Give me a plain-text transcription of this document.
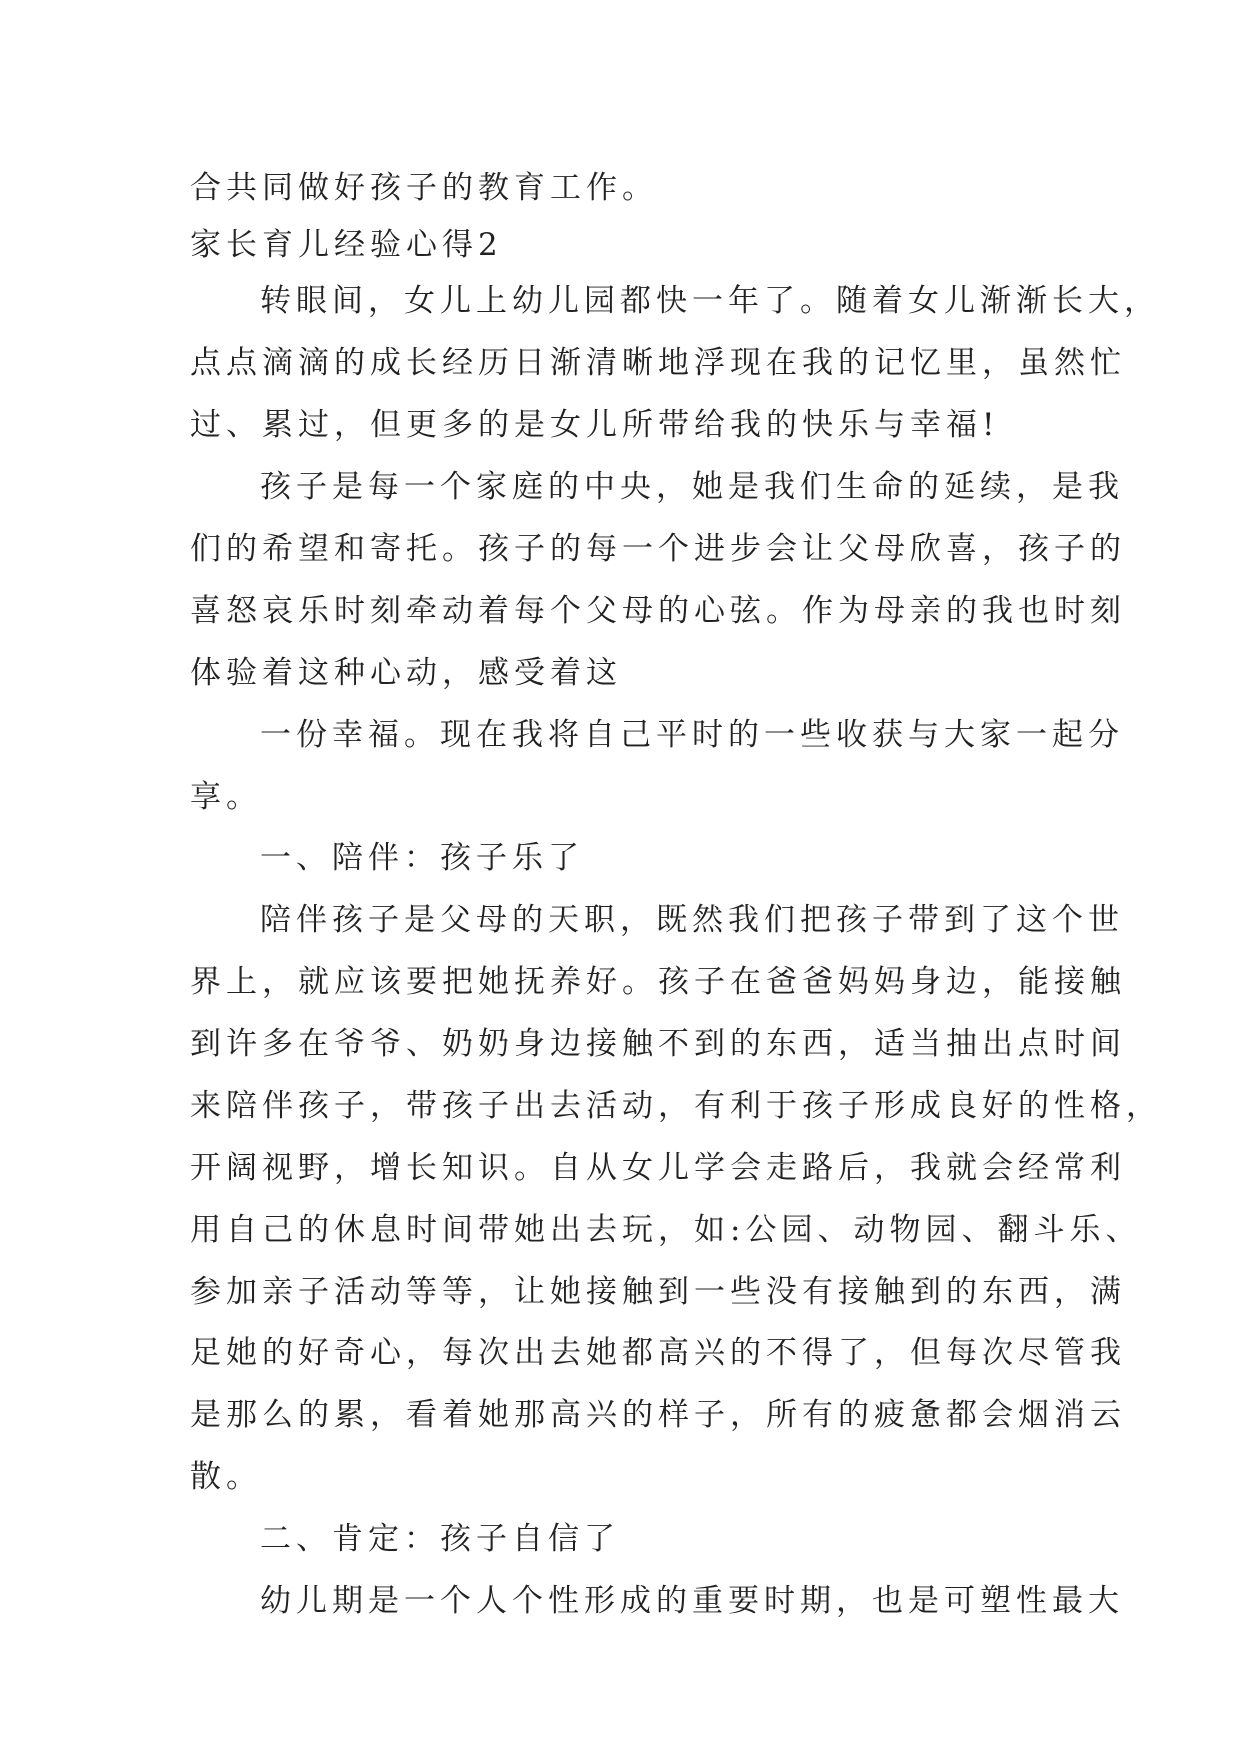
合共同做好孩子的教育工作。
家长育儿经验心得2
转眼间，女儿上幼儿园都快一年了。随着女儿渐渐长大，
点点滴滴的成长经历日渐清晰地浮现在我的记忆里，虽然忙
过、累过，但更多的是女儿所带给我的快乐与幸福!
孩子是每一个家庭的中央，她是我们生命的延续，是我
们的希望和寄托。孩子的每一个进步会让父母欣喜，孩子的
喜怒哀乐时刻牵动着每个父母的心弦。作为母亲的我也时刻
体验着这种心动，感受着这
一份幸福。现在我将自己平时的一些收获与大家一起分
享。
一、陪伴：孩子乐了
陪伴孩子是父母的天职，既然我们把孩子带到了这个世
界上，就应该要把她抚养好。孩子在爸爸妈妈身边，能接触
到许多在爷爷、奶奶身边接触不到的东西，适当抽出点时间
来陪伴孩子，带孩子出去活动，有利于孩子形成良好的性格，
开阔视野，增长知识。自从女儿学会走路后，我就会经常利
用自己的休息时间带她出去玩，如:公园、动物园、翻斗乐、
参加亲子活动等等，让她接触到一些没有接触到的东西，满
足她的好奇心，每次出去她都高兴的不得了，但每次尽管我
是那么的累，看着她那高兴的样子，所有的疲惫都会烟消云
散。
二、肯定：孩子自信了
幼儿期是一个人个性形成的重要时期，也是可塑性最大
